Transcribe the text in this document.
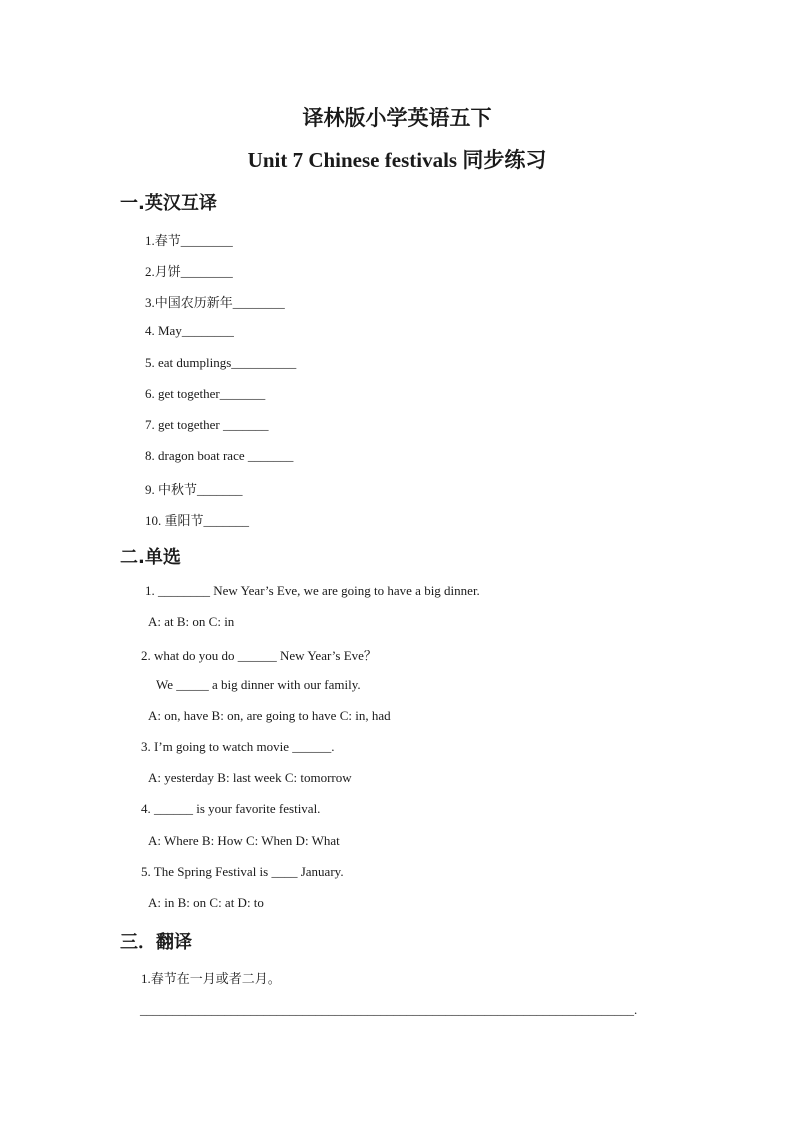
译林版小学英语五下
Unit 7 Chinese festivals 同步练习
一.英汉互译
1.春节________
2.月饼________
3.中国农历新年________
4. May________
5. eat dumplings__________
6. get together_______
7. get together _______
8. dragon boat race _______
9. 中秋节_______
10. 重阳节_______
二.单选
1. ________ New Year’s Eve, we are going to have a big dinner.
A: at B: on C: in
2. what do you do ______ New Year’s Eve？
We _____ a big dinner with our family.
A: on, have B: on, are going to have C: in, had
3. I’m going to watch movie ______.
A: yesterday B: last week C: tomorrow
4. ______ is your favorite festival.
A: Where B: How C: When D: What
5. The Spring Festival is ____ January.
A: in B: on C: at D: to
三．翻译
1.春节在一月或者二月。
____________________________________________________________________________.
